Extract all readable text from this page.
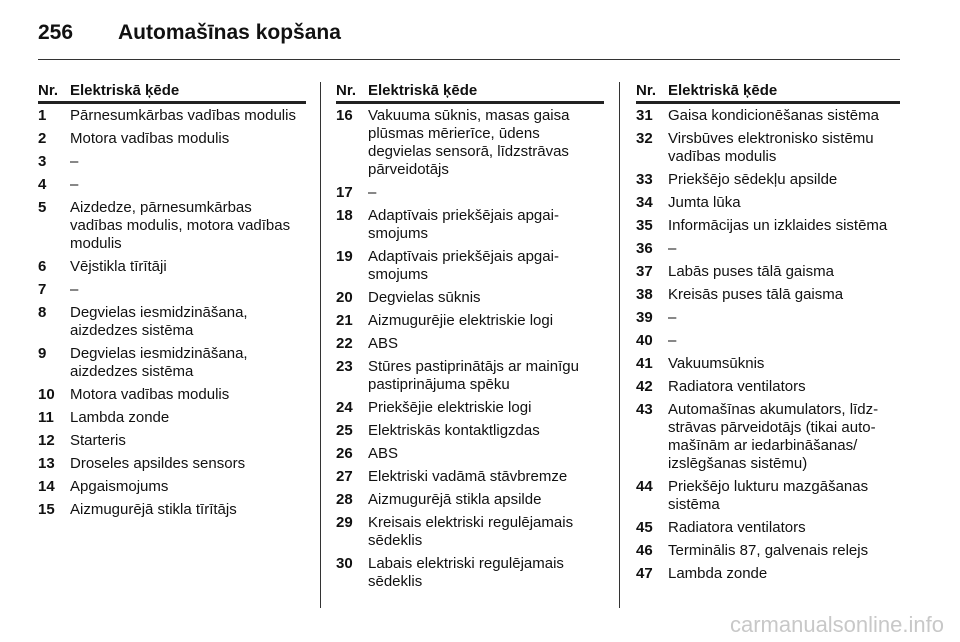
256	Automašīnas kopšana
Nr. Elektriskā ķēde
1	Pārnesumkārbas vadības modulis
2	Motora vadības modulis
3	–
4	–
5	Aizdedze, pārnesumkārbas vadības modulis, motora vadības modulis
6	Vējstikla tīrītāji
7	–
8	Degvielas iesmidzināšana, aizdedzes sistēma
9	Degvielas iesmidzināšana, aizdedzes sistēma
10	Motora vadības modulis
11	Lambda zonde
12	Starteris
13	Droseles apsildes sensors
14	Apgaismojums
15	Aizmugurējā stikla tīrītājs
Nr. Elektriskā ķēde
16	Vakuuma sūknis, masas gaisa plūsmas mērierīce, ūdens degvielas sensorā, līdzstrāvas pārveidotājs
17	–
18	Adaptīvais priekšējais apgai-smojums
19	Adaptīvais priekšējais apgai-smojums
20	Degvielas sūknis
21	Aizmugurējie elektriskie logi
22	ABS
23	Stūres pastiprinātājs ar mainīgu pastiprinājuma spēku
24	Priekšējie elektriskie logi
25	Elektriskās kontaktligzdas
26	ABS
27	Elektriski vadāmā stāvbremze
28	Aizmugurējā stikla apsilde
29	Kreisais elektriski regulējamais sēdeklis
30	Labais elektriski regulējamais sēdeklis
Nr. Elektriskā ķēde
31	Gaisa kondicionēšanas sistēma
32	Virsbūves elektronisko sistēmu vadības modulis
33	Priekšējo sēdekļu apsilde
34	Jumta lūka
35	Informācijas un izklaides sistēma
36	–
37	Labās puses tālā gaisma
38	Kreisās puses tālā gaisma
39	–
40	–
41	Vakuumsūknis
42	Radiatora ventilators
43	Automašīnas akumulators, līdz-strāvas pārveidotājs (tikai auto-mašīnām ar iedarbināšanas/ izslēgšanas sistēmu)
44	Priekšējo lukturu mazgāšanas sistēma
45	Radiatora ventilators
46	Terminālis 87, galvenais relejs
47	Lambda zonde
carmanualsonline.info
